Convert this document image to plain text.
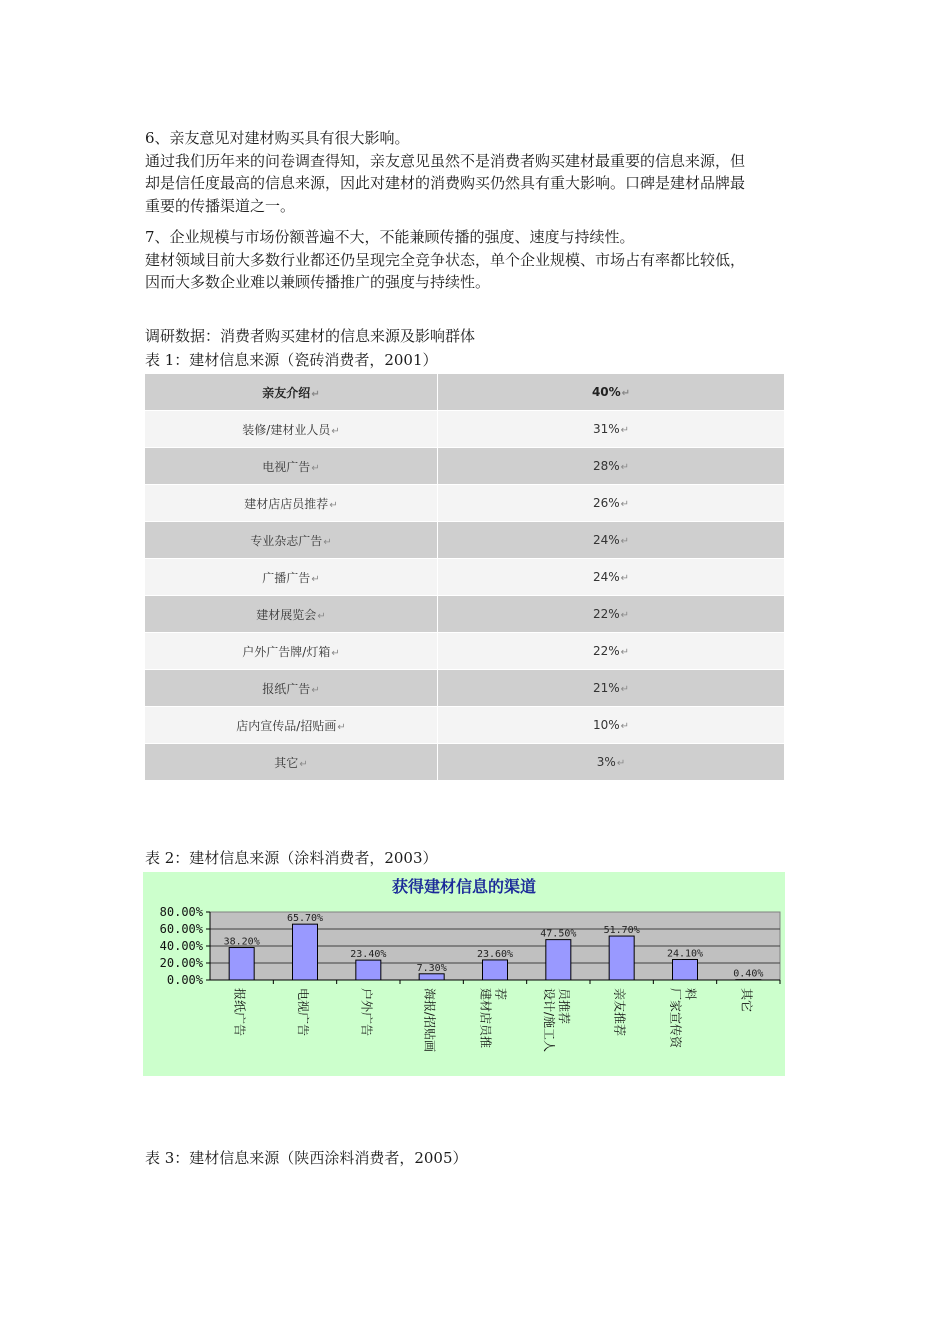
6、亲友意见对建材购买具有很大影响。
通过我们历年来的问卷调查得知，亲友意见虽然不是消费者购买建材最重要的信息来源，但
却是信任度最高的信息来源，因此对建材的消费购买仍然具有重大影响。口碑是建材品牌最
重要的传播渠道之一。
7、企业规模与市场份额普遍不大，不能兼顾传播的强度、速度与持续性。
建材领域目前大多数行业都还仍呈现完全竞争状态，单个企业规模、市场占有率都比较低，
因而大多数企业难以兼顾传播推广的强度与持续性。
调研数据：消费者购买建材的信息来源及影响群体
表 1：建材信息来源（瓷砖消费者，2001）
亲友介绍↵	40%↵
装修/建材业人员↵	31%↵
电视广告↵	28%↵
建材店店员推荐↵	26%↵
专业杂志广告↵	24%↵
广播广告↵	24%↵
建材展览会↵	22%↵
户外广告牌/灯箱↵	22%↵
报纸广告↵	21%↵
店内宣传品/招贴画↵	10%↵
其它↵	3%↵
表 2：建材信息来源（涂料消费者，2003）
获得建材信息的渠道
0.00%
20.00%
40.00%
60.00%
80.00%
38.20%
报纸广告
65.70%
电视广告
23.40%
户外广告
7.30%
海报/招贴画
23.60%
建材店员推 荐
47.50%
设计/施工人 员推荐
51.70%
亲友推荐
24.10%
厂家宣传资 料
0.40%
其它
表 3：建材信息来源（陕西涂料消费者，2005）
